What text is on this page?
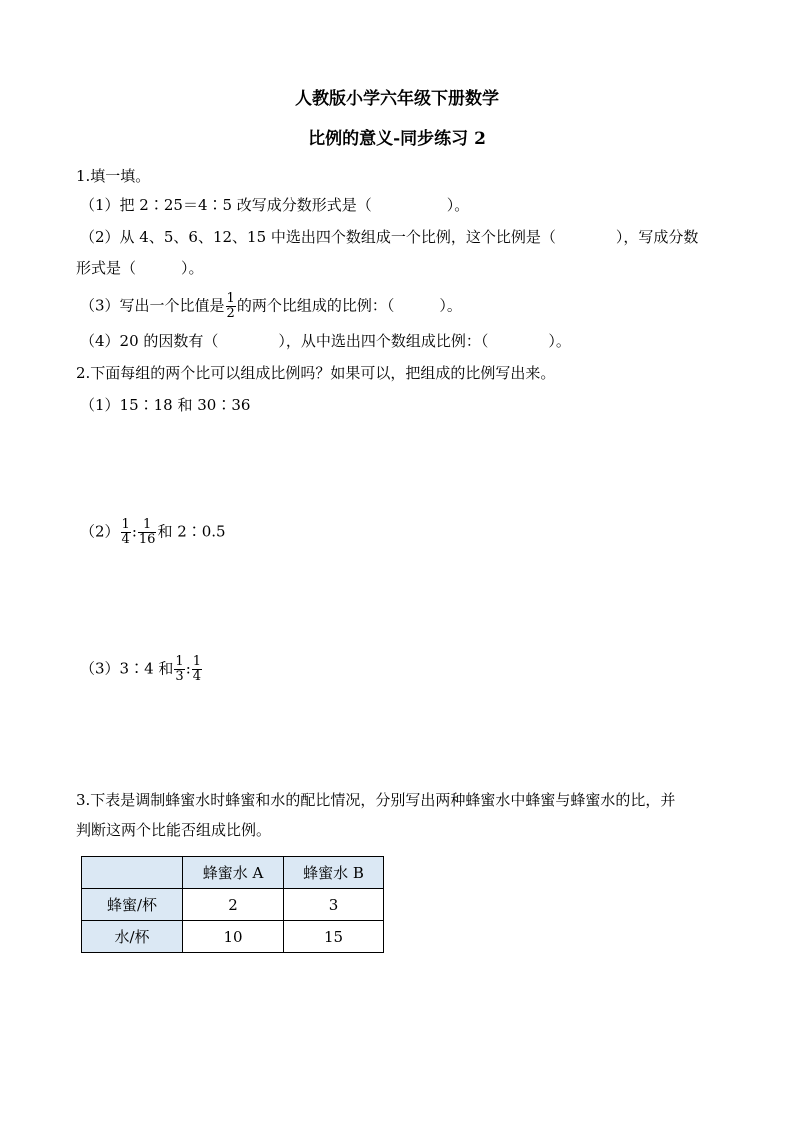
人教版小学六年级下册数学
比例的意义-同步练习 2
1.填一填。
（1）把 2∶25＝4∶5 改写成分数形式是（　　　　　）。
（2）从 4、5、6、12、15 中选出四个数组成一个比例，这个比例是（　　　　），写成分数
形式是（　　　）。
（3）写出一个比值是 $\frac{1}{2}$ 的两个比组成的比例：（　　　）。
（4）20 的因数有（　　　　），从中选出四个数组成比例：（　　　　）。
2.下面每组的两个比可以组成比例吗？如果可以，把组成的比例写出来。
（1）15∶18 和 30∶36
$(2) \frac{1}{4}$ : $\frac{1}{16}$ 和 2∶0.5
（3）3∶4 和 $\frac{1}{3}$ : $\frac{1}{4}$
3.下表是调制蜂蜜水时蜂蜜和水的配比情况，分别写出两种蜂蜜水中蜂蜜与蜂蜜水的比，并
判断这两个比能否组成比例。
	蜂蜜水 A	蜂蜜水 B
蜂蜜/杯	2	3
水/杯	10	15
